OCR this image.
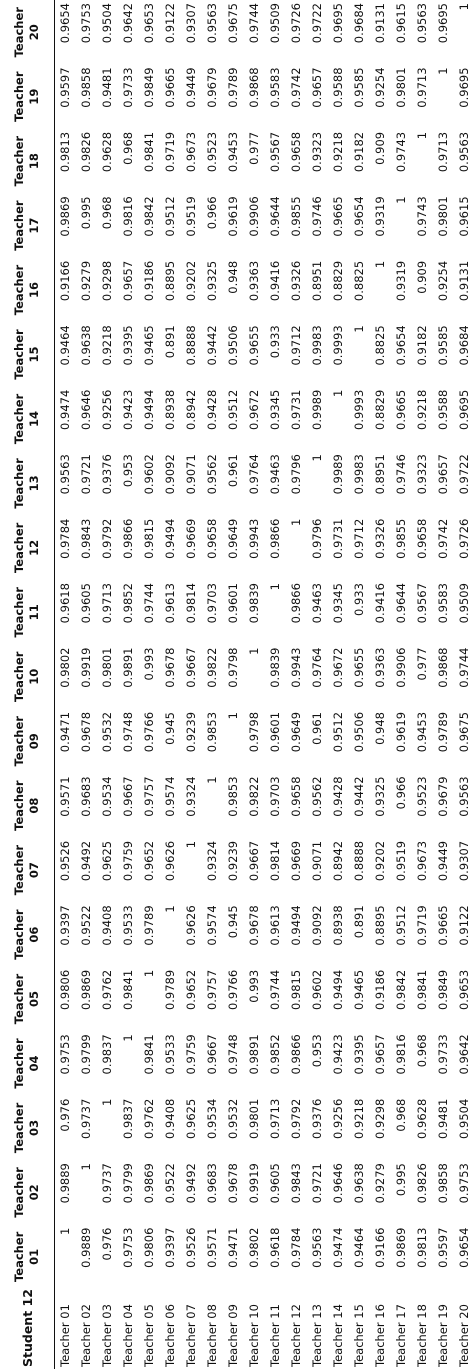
Student 12	Teacher 01	Teacher 02	Teacher 03	Teacher 04	Teacher 05	Teacher 06	Teacher 07	Teacher 08	Teacher 09	Teacher 10	Teacher 11	Teacher 12	Teacher 13	Teacher 14	Teacher 15	Teacher 16	Teacher 17	Teacher 18	Teacher 19	Teacher 20

Teacher 01	1	0.9889	0.976	0.9753	0.9806	0.9397	0.9526	0.9571	0.9471	0.9802	0.9618	0.9784	0.9563	0.9474	0.9464	0.9166	0.9869	0.9813	0.9597	0.9654
Teacher 02	0.9889	1	0.9737	0.9799	0.9869	0.9522	0.9492	0.9683	0.9678	0.9919	0.9605	0.9843	0.9721	0.9646	0.9638	0.9279	0.995	0.9826	0.9858	0.9753
Teacher 03	0.976	0.9737	1	0.9837	0.9762	0.9408	0.9625	0.9534	0.9532	0.9801	0.9713	0.9792	0.9376	0.9256	0.9218	0.9298	0.968	0.9628	0.9481	0.9504
Teacher 04	0.9753	0.9799	0.9837	1	0.9841	0.9533	0.9759	0.9667	0.9748	0.9891	0.9852	0.9866	0.953	0.9423	0.9395	0.9657	0.9816	0.968	0.9733	0.9642
Teacher 05	0.9806	0.9869	0.9762	0.9841	1	0.9789	0.9652	0.9757	0.9766	0.993	0.9744	0.9815	0.9602	0.9494	0.9465	0.9186	0.9842	0.9841	0.9849	0.9653
Teacher 06	0.9397	0.9522	0.9408	0.9533	0.9789	1	0.9626	0.9574	0.945	0.9678	0.9613	0.9494	0.9092	0.8938	0.891	0.8895	0.9512	0.9719	0.9665	0.9122
Teacher 07	0.9526	0.9492	0.9625	0.9759	0.9652	0.9626	1	0.9324	0.9239	0.9667	0.9814	0.9669	0.9071	0.8942	0.8888	0.9202	0.9519	0.9673	0.9449	0.9307
Teacher 08	0.9571	0.9683	0.9534	0.9667	0.9757	0.9574	0.9324	1	0.9853	0.9822	0.9703	0.9658	0.9562	0.9428	0.9442	0.9325	0.966	0.9523	0.9679	0.9563
Teacher 09	0.9471	0.9678	0.9532	0.9748	0.9766	0.945	0.9239	0.9853	1	0.9798	0.9601	0.9649	0.961	0.9512	0.9506	0.948	0.9619	0.9453	0.9789	0.9675
Teacher 10	0.9802	0.9919	0.9801	0.9891	0.993	0.9678	0.9667	0.9822	0.9798	1	0.9839	0.9943	0.9764	0.9672	0.9655	0.9363	0.9906	0.977	0.9868	0.9744
Teacher 11	0.9618	0.9605	0.9713	0.9852	0.9744	0.9613	0.9814	0.9703	0.9601	0.9839	1	0.9866	0.9463	0.9345	0.933	0.9416	0.9644	0.9567	0.9583	0.9509
Teacher 12	0.9784	0.9843	0.9792	0.9866	0.9815	0.9494	0.9669	0.9658	0.9649	0.9943	0.9866	1	0.9796	0.9731	0.9712	0.9326	0.9855	0.9658	0.9742	0.9726
Teacher 13	0.9563	0.9721	0.9376	0.953	0.9602	0.9092	0.9071	0.9562	0.961	0.9764	0.9463	0.9796	1	0.9989	0.9983	0.8951	0.9746	0.9323	0.9657	0.9722
Teacher 14	0.9474	0.9646	0.9256	0.9423	0.9494	0.8938	0.8942	0.9428	0.9512	0.9672	0.9345	0.9731	0.9989	1	0.9993	0.8829	0.9665	0.9218	0.9588	0.9695
Teacher 15	0.9464	0.9638	0.9218	0.9395	0.9465	0.891	0.8888	0.9442	0.9506	0.9655	0.933	0.9712	0.9983	0.9993	1	0.8825	0.9654	0.9182	0.9585	0.9684
Teacher 16	0.9166	0.9279	0.9298	0.9657	0.9186	0.8895	0.9202	0.9325	0.948	0.9363	0.9416	0.9326	0.8951	0.8829	0.8825	1	0.9319	0.909	0.9254	0.9131
Teacher 17	0.9869	0.995	0.968	0.9816	0.9842	0.9512	0.9519	0.966	0.9619	0.9906	0.9644	0.9855	0.9746	0.9665	0.9654	0.9319	1	0.9743	0.9801	0.9615
Teacher 18	0.9813	0.9826	0.9628	0.968	0.9841	0.9719	0.9673	0.9523	0.9453	0.977	0.9567	0.9658	0.9323	0.9218	0.9182	0.909	0.9743	1	0.9713	0.9563
Teacher 19	0.9597	0.9858	0.9481	0.9733	0.9849	0.9665	0.9449	0.9679	0.9789	0.9868	0.9583	0.9742	0.9657	0.9588	0.9585	0.9254	0.9801	0.9713	1	0.9695
Teacher 20	0.9654	0.9753	0.9504	0.9642	0.9653	0.9122	0.9307	0.9563	0.9675	0.9744	0.9509	0.9726	0.9722	0.9695	0.9684	0.9131	0.9615	0.9563	0.9695	1
